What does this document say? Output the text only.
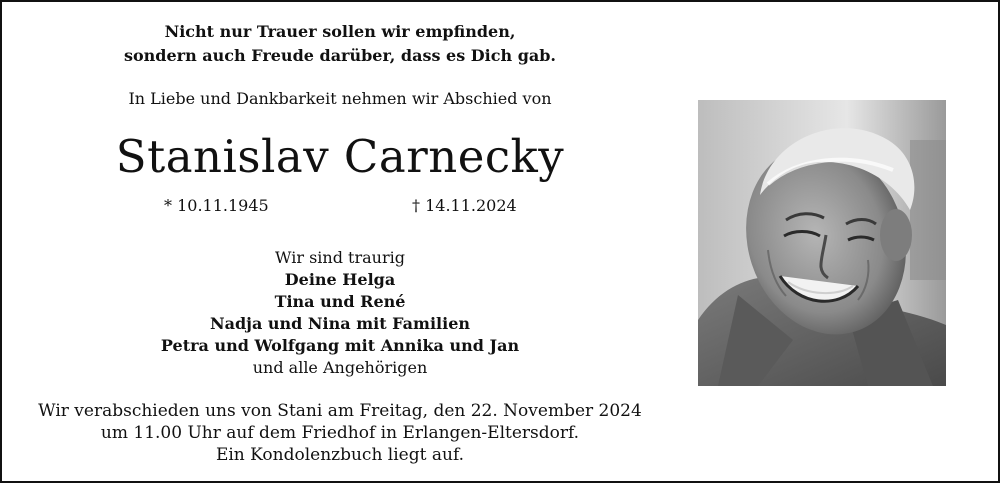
Nicht nur Trauer sollen wir empfinden,
sondern auch Freude darüber, dass es Dich gab.
In Liebe und Dankbarkeit nehmen wir Abschied von
Stanislav Carnecky
* 10.11.1945	† 14.11.2024
Wir sind traurig
Deine Helga
Tina und René
Nadja und Nina mit Familien
Petra und Wolfgang mit Annika und Jan
und alle Angehörigen
Wir verabschieden uns von Stani am Freitag, den 22. November 2024
um 11.00 Uhr auf dem Friedhof in Erlangen-Eltersdorf.
Ein Kondolenzbuch liegt auf.
